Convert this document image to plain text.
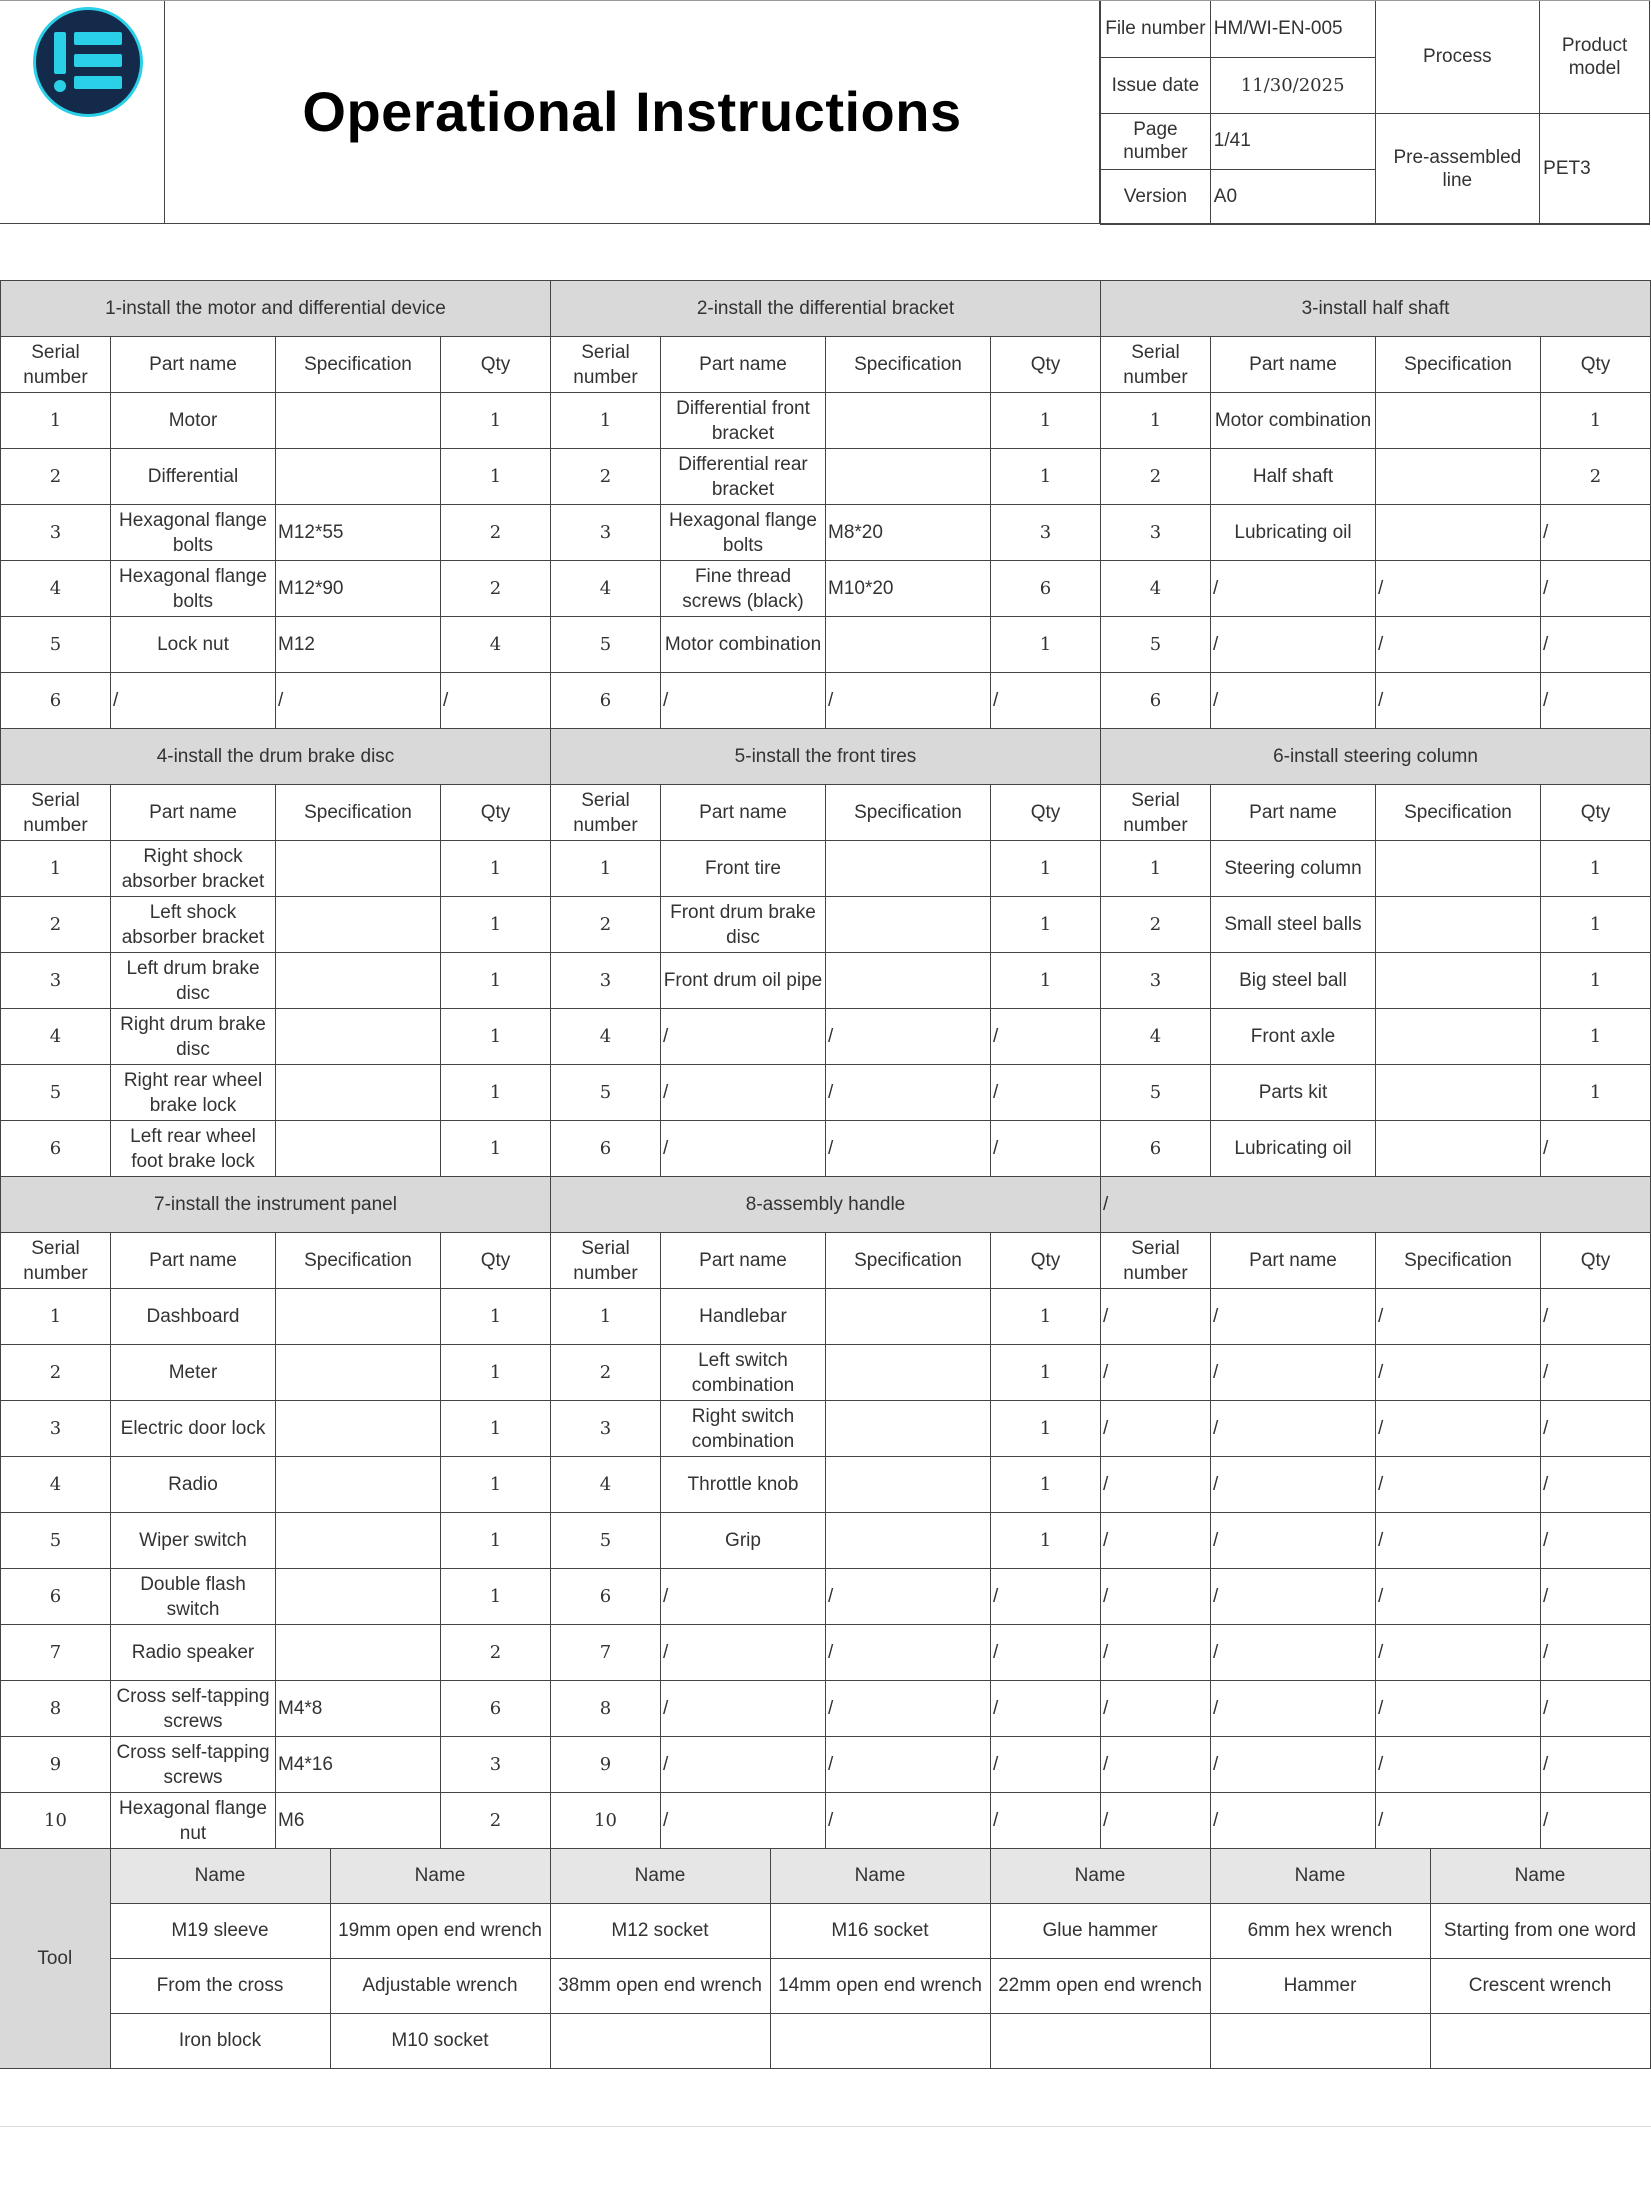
Operational Instructions
File number	HM/WI-EN-005	Process	Product model
Issue date	11/30/2025		
Page number	1/41	Pre-assembled line	PET3
Version	A0		
1-install the motor and differential device				2-install the differential bracket				3-install half shaft			
Serial number	Part name	Specification	Qty	Serial number	Part name	Specification	Qty	Serial number	Part name	Specification	Qty
1	Motor		1	1	Differential front bracket		1	1	Motor combination		1
2	Differential		1	2	Differential rear bracket		1	2	Half shaft		2
3	Hexagonal flange bolts	M12*55	2	3	Hexagonal flange bolts	M8*20	3	3	Lubricating oil		/
4	Hexagonal flange bolts	M12*90	2	4	Fine thread screws (black)	M10*20	6	4	/	/	/
5	Lock nut	M12	4	5	Motor combination		1	5	/	/	/
6	/	/	/	6	/	/	/	6	/	/	/
4-install the drum brake disc				5-install the front tires				6-install steering column			
Serial number	Part name	Specification	Qty	Serial number	Part name	Specification	Qty	Serial number	Part name	Specification	Qty
1	Right shock absorber bracket		1	1	Front tire		1	1	Steering column		1
2	Left shock absorber bracket		1	2	Front drum brake disc		1	2	Small steel balls		1
3	Left drum brake disc		1	3	Front drum oil pipe		1	3	Big steel ball		1
4	Right drum brake disc		1	4	/	/	/	4	Front axle		1
5	Right rear wheel brake lock		1	5	/	/	/	5	Parts kit		1
6	Left rear wheel foot brake lock		1	6	/	/	/	6	Lubricating oil		/
7-install the instrument panel				8-assembly handle				/			
Serial number	Part name	Specification	Qty	Serial number	Part name	Specification	Qty	Serial number	Part name	Specification	Qty
1	Dashboard		1	1	Handlebar		1	/	/	/	/
2	Meter		1	2	Left switch combination		1	/	/	/	/
3	Electric door lock		1	3	Right switch combination		1	/	/	/	/
4	Radio		1	4	Throttle knob		1	/	/	/	/
5	Wiper switch		1	5	Grip		1	/	/	/	/
6	Double flash switch		1	6	/	/	/	/	/	/	/
7	Radio speaker		2	7	/	/	/	/	/	/	/
8	Cross self-tapping screws	M4*8	6	8	/	/	/	/	/	/	/
9	Cross self-tapping screws	M4*16	3	9	/	/	/	/	/	/	/
10	Hexagonal flange nut	M6	2	10	/	/	/	/	/	/	/
Tool	Name	Name	Name	Name	Name	Name	Name
	M19 sleeve	19mm open end wrench	M12 socket	M16 socket	Glue hammer	6mm hex wrench	Starting from one word
	From the cross	Adjustable wrench	38mm open end wrench	14mm open end wrench	22mm open end wrench	Hammer	Crescent wrench
	Iron block	M10 socket					
